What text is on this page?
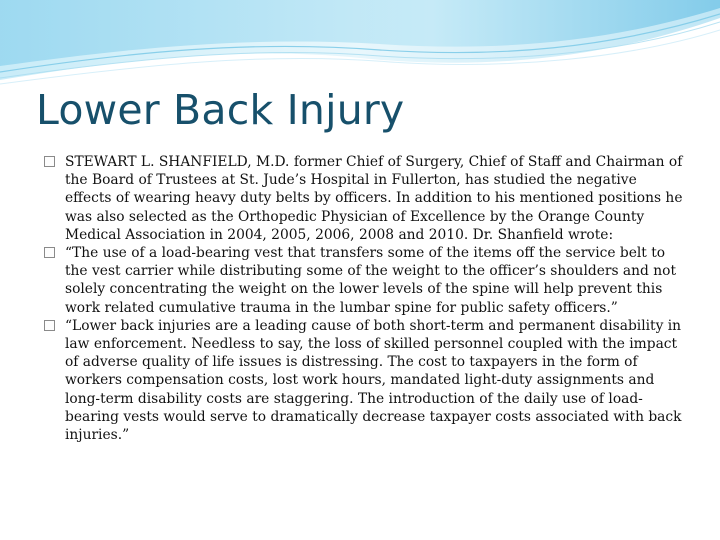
Lower Back Injury
STEWART L. SHANFIELD, M.D. former Chief of Surgery, Chief of Staff and Chairman of the Board of Trustees at St. Jude’s Hospital in Fullerton, has studied the negative effects of wearing heavy duty belts by officers. In addition to his mentioned positions he was also selected as the Orthopedic Physician of Excellence by the Orange County Medical Association in 2004, 2005, 2006, 2008 and 2010. Dr. Shanfield wrote:
“The use of a load-bearing vest that transfers some of the items off the service belt to the vest carrier while distributing some of the weight to the officer’s shoulders and not solely concentrating the weight on the lower levels of the spine will help prevent this work related cumulative trauma in the lumbar spine for public safety officers.”
“Lower back injuries are a leading cause of both short-term and permanent disability in law enforcement. Needless to say, the loss of skilled personnel coupled with the impact of adverse quality of life issues is distressing. The cost to taxpayers in the form of workers compensation costs, lost work hours, mandated light-duty assignments and long-term disability costs are staggering. The introduction of the daily use of load-bearing vests would serve to dramatically decrease taxpayer costs associated with back injuries.”
